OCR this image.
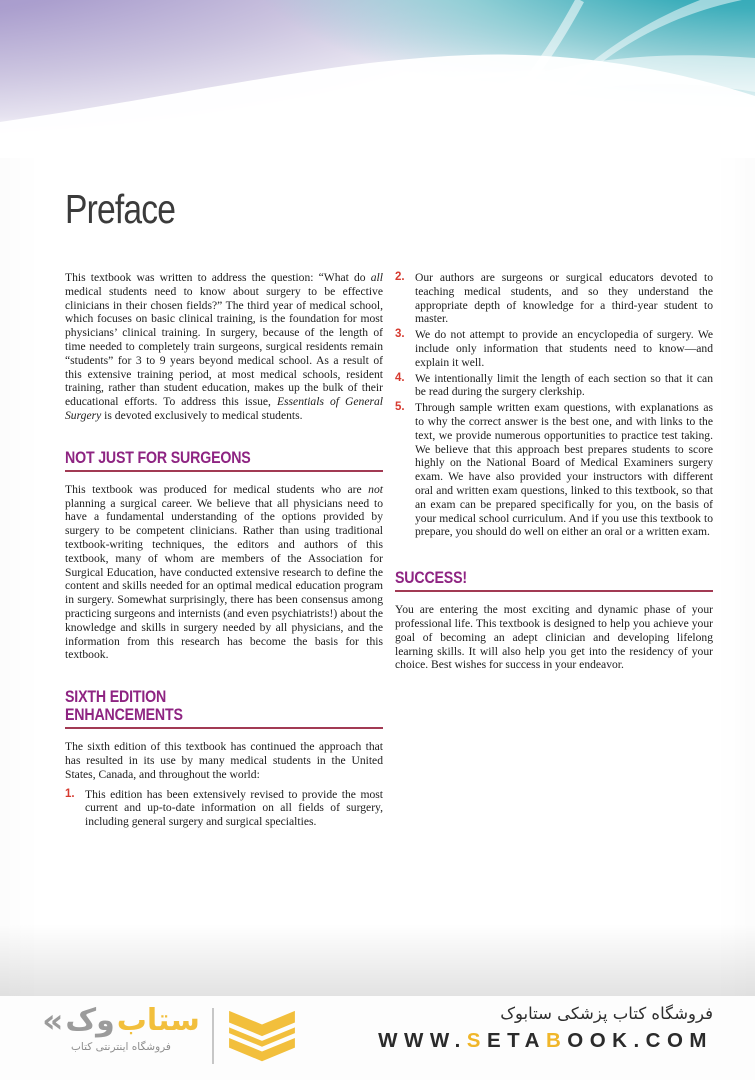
Preface

This textbook was written to address the question: “What do all medical students need to know about surgery to be effective clinicians in their chosen fields?” The third year of medical school, which focuses on basic clinical training, is the foundation for most physicians’ clinical training. In surgery, because of the length of time needed to completely train surgeons, surgical residents remain “students” for 3 to 9 years beyond medical school. As a result of this extensive training period, at most medical schools, resident training, rather than student education, makes up the bulk of their educational efforts. To address this issue, Essentials of General Surgery is devoted exclusively to medical students.

NOT JUST FOR SURGEONS

This textbook was produced for medical students who are not planning a surgical career. We believe that all physicians need to have a fundamental understanding of the options provided by surgery to be competent clinicians. Rather than using traditional textbook-writing techniques, the editors and authors of this textbook, many of whom are members of the Association for Surgical Education, have conducted extensive research to define the content and skills needed for an optimal medical education program in surgery. Somewhat surprisingly, there has been consensus among practicing surgeons and internists (and even psychiatrists!) about the knowledge and skills in surgery needed by all physicians, and the information from this research has become the basis for this textbook.

SIXTH EDITION
ENHANCEMENTS

The sixth edition of this textbook has continued the approach that has resulted in its use by many medical students in the United States, Canada, and throughout the world:

1. This edition has been extensively revised to provide the most current and up-to-date information on all fields of surgery, including general surgery and surgical specialties.
2. Our authors are surgeons or surgical educators devoted to teaching medical students, and so they understand the appropriate depth of knowledge for a third-year student to master.
3. We do not attempt to provide an encyclopedia of surgery. We include only information that students need to know—and explain it well.
4. We intentionally limit the length of each section so that it can be read during the surgery clerkship.
5. Through sample written exam questions, with explanations as to why the correct answer is the best one, and with links to the text, we provide numerous opportunities to practice test taking. We believe that this approach best prepares students to score highly on the National Board of Medical Examiners surgery exam. We have also provided your instructors with different oral and written exam questions, linked to this textbook, so that an exam can be prepared specifically for you, on the basis of your medical school curriculum. And if you use this textbook to prepare, you should do well on either an oral or a written exam.
SUCCESS!

You are entering the most exciting and dynamic phase of your professional life. This textbook is designed to help you achieve your goal of becoming an adept clinician and developing lifelong learning skills. It will also help you get into the residency of your choice. Best wishes for success in your endeavor.

« وک ستاب
فروشگاه اینترنتی کتاب
فروشگاه کتاب پزشکی ستابوک
WWW.SETABOOK.COM
